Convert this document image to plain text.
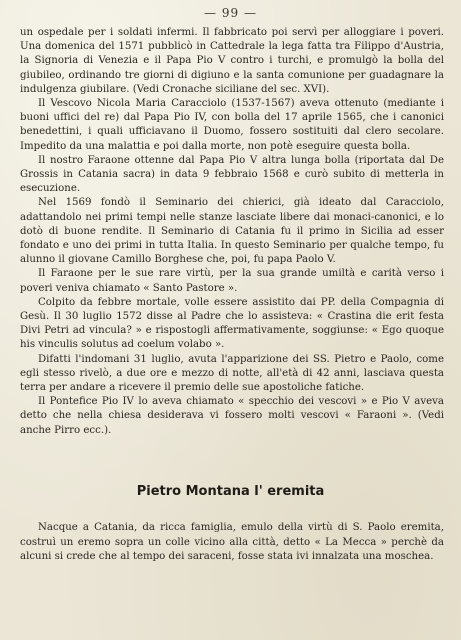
— 99 —

un ospedale per i soldati infermi. Il fabbricato poi servì per alloggiare i poveri. Una domenica del 1571 pubblicò in Cattedrale la lega fatta tra Filippo d'Austria, la Signoria di Venezia e il Papa Pio V contro i turchi, e promulgò la bolla del giubileo, ordinando tre giorni di digiuno e la santa comunione per guadagnare la indulgenza giubilare. (Vedi Cronache siciliane del sec. XVI).

Il Vescovo Nicola Maria Caracciolo (1537-1567) aveva ottenuto (mediante i buoni uffici del re) dal Papa Pio IV, con bolla del 17 aprile 1565, che i canonici benedettini, i quali ufficiavano il Duomo, fossero sostituiti dal clero secolare. Impedito da una malattia e poi dalla morte, non potè eseguire questa bolla.

Il nostro Faraone ottenne dal Papa Pio V altra lunga bolla (riportata dal De Grossis in Catania sacra) in data 9 febbraio 1568 e curò subito di metterla in esecuzione.

Nel 1569 fondò il Seminario dei chierici, già ideato dal Caracciolo, adattandolo nei primi tempi nelle stanze lasciate libere dai monaci-canonici, e lo dotò di buone rendite. Il Seminario di Catania fu il primo in Sicilia ad esser fondato e uno dei primi in tutta Italia. In questo Seminario per qualche tempo, fu alunno il giovane Camillo Borghese che, poi, fu papa Paolo V.

Il Faraone per le sue rare virtù, per la sua grande umiltà e carità verso i poveri veniva chiamato « Santo Pastore ».

Colpito da febbre mortale, volle essere assistito dai PP. della Compagnia di Gesù. Il 30 luglio 1572 disse al Padre che lo assisteva: « Crastina die erit festa Divi Petri ad vincula? » e rispostogli affermativamente, soggiunse: « Ego quoque his vinculis solutus ad coelum volabo ».

Difatti l'indomani 31 luglio, avuta l'apparizione dei SS. Pietro e Paolo, come egli stesso rivelò, a due ore e mezzo di notte, all'età di 42 anni, lasciava questa terra per andare a ricevere il premio delle sue apostoliche fatiche.

Il Pontefice Pio IV lo aveva chiamato « specchio dei vescovi » e Pio V aveva detto che nella chiesa desiderava vi fossero molti vescovi « Faraoni ». (Vedi anche Pirro ecc.).

Pietro Montana l' eremita

Nacque a Catania, da ricca famiglia, emulo della virtù di S. Paolo eremita, costruì un eremo sopra un colle vicino alla città, detto « La Mecca » perchè da alcuni si crede che al tempo dei saraceni, fosse stata ivi innalzata una moschea.
